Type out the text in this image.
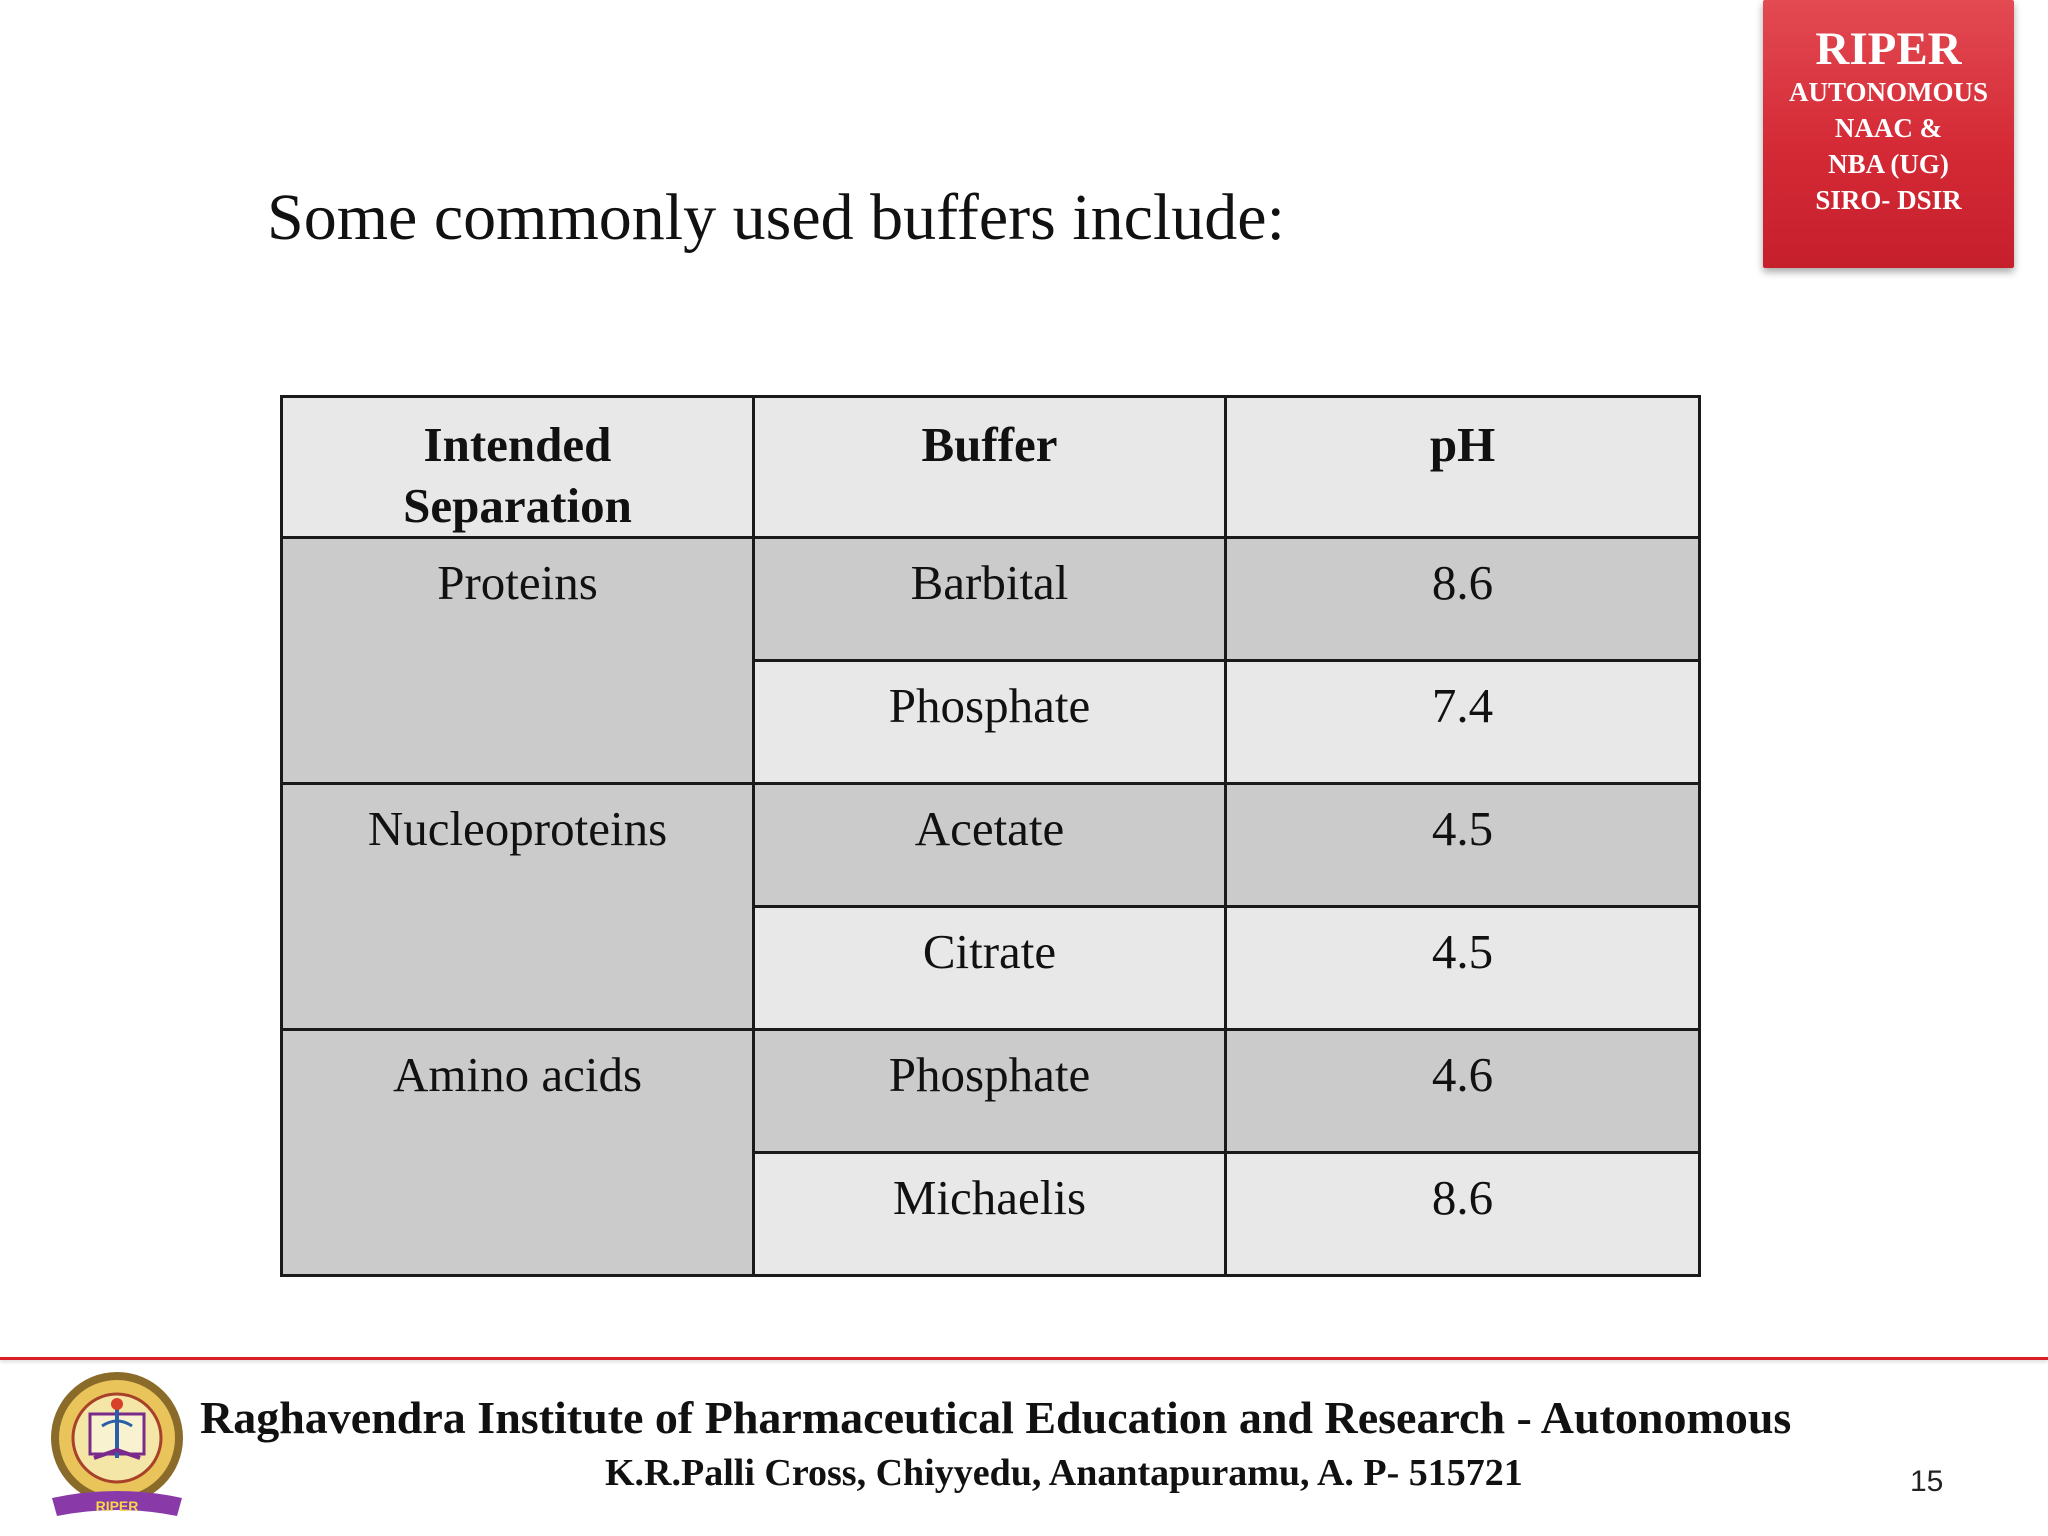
RIPER
AUTONOMOUS
NAAC &
NBA (UG)
SIRO- DSIR
Some commonly used buffers include:
Intended Separation	Buffer	pH
Proteins	Barbital	8.6
	Phosphate	7.4
Nucleoproteins	Acetate	4.5
	Citrate	4.5
Amino acids	Phosphate	4.6
	Michaelis	8.6
RIPER
Raghavendra Institute of Pharmaceutical Education and Research - Autonomous
K.R.Palli Cross, Chiyyedu, Anantapuramu, A. P- 515721	15
